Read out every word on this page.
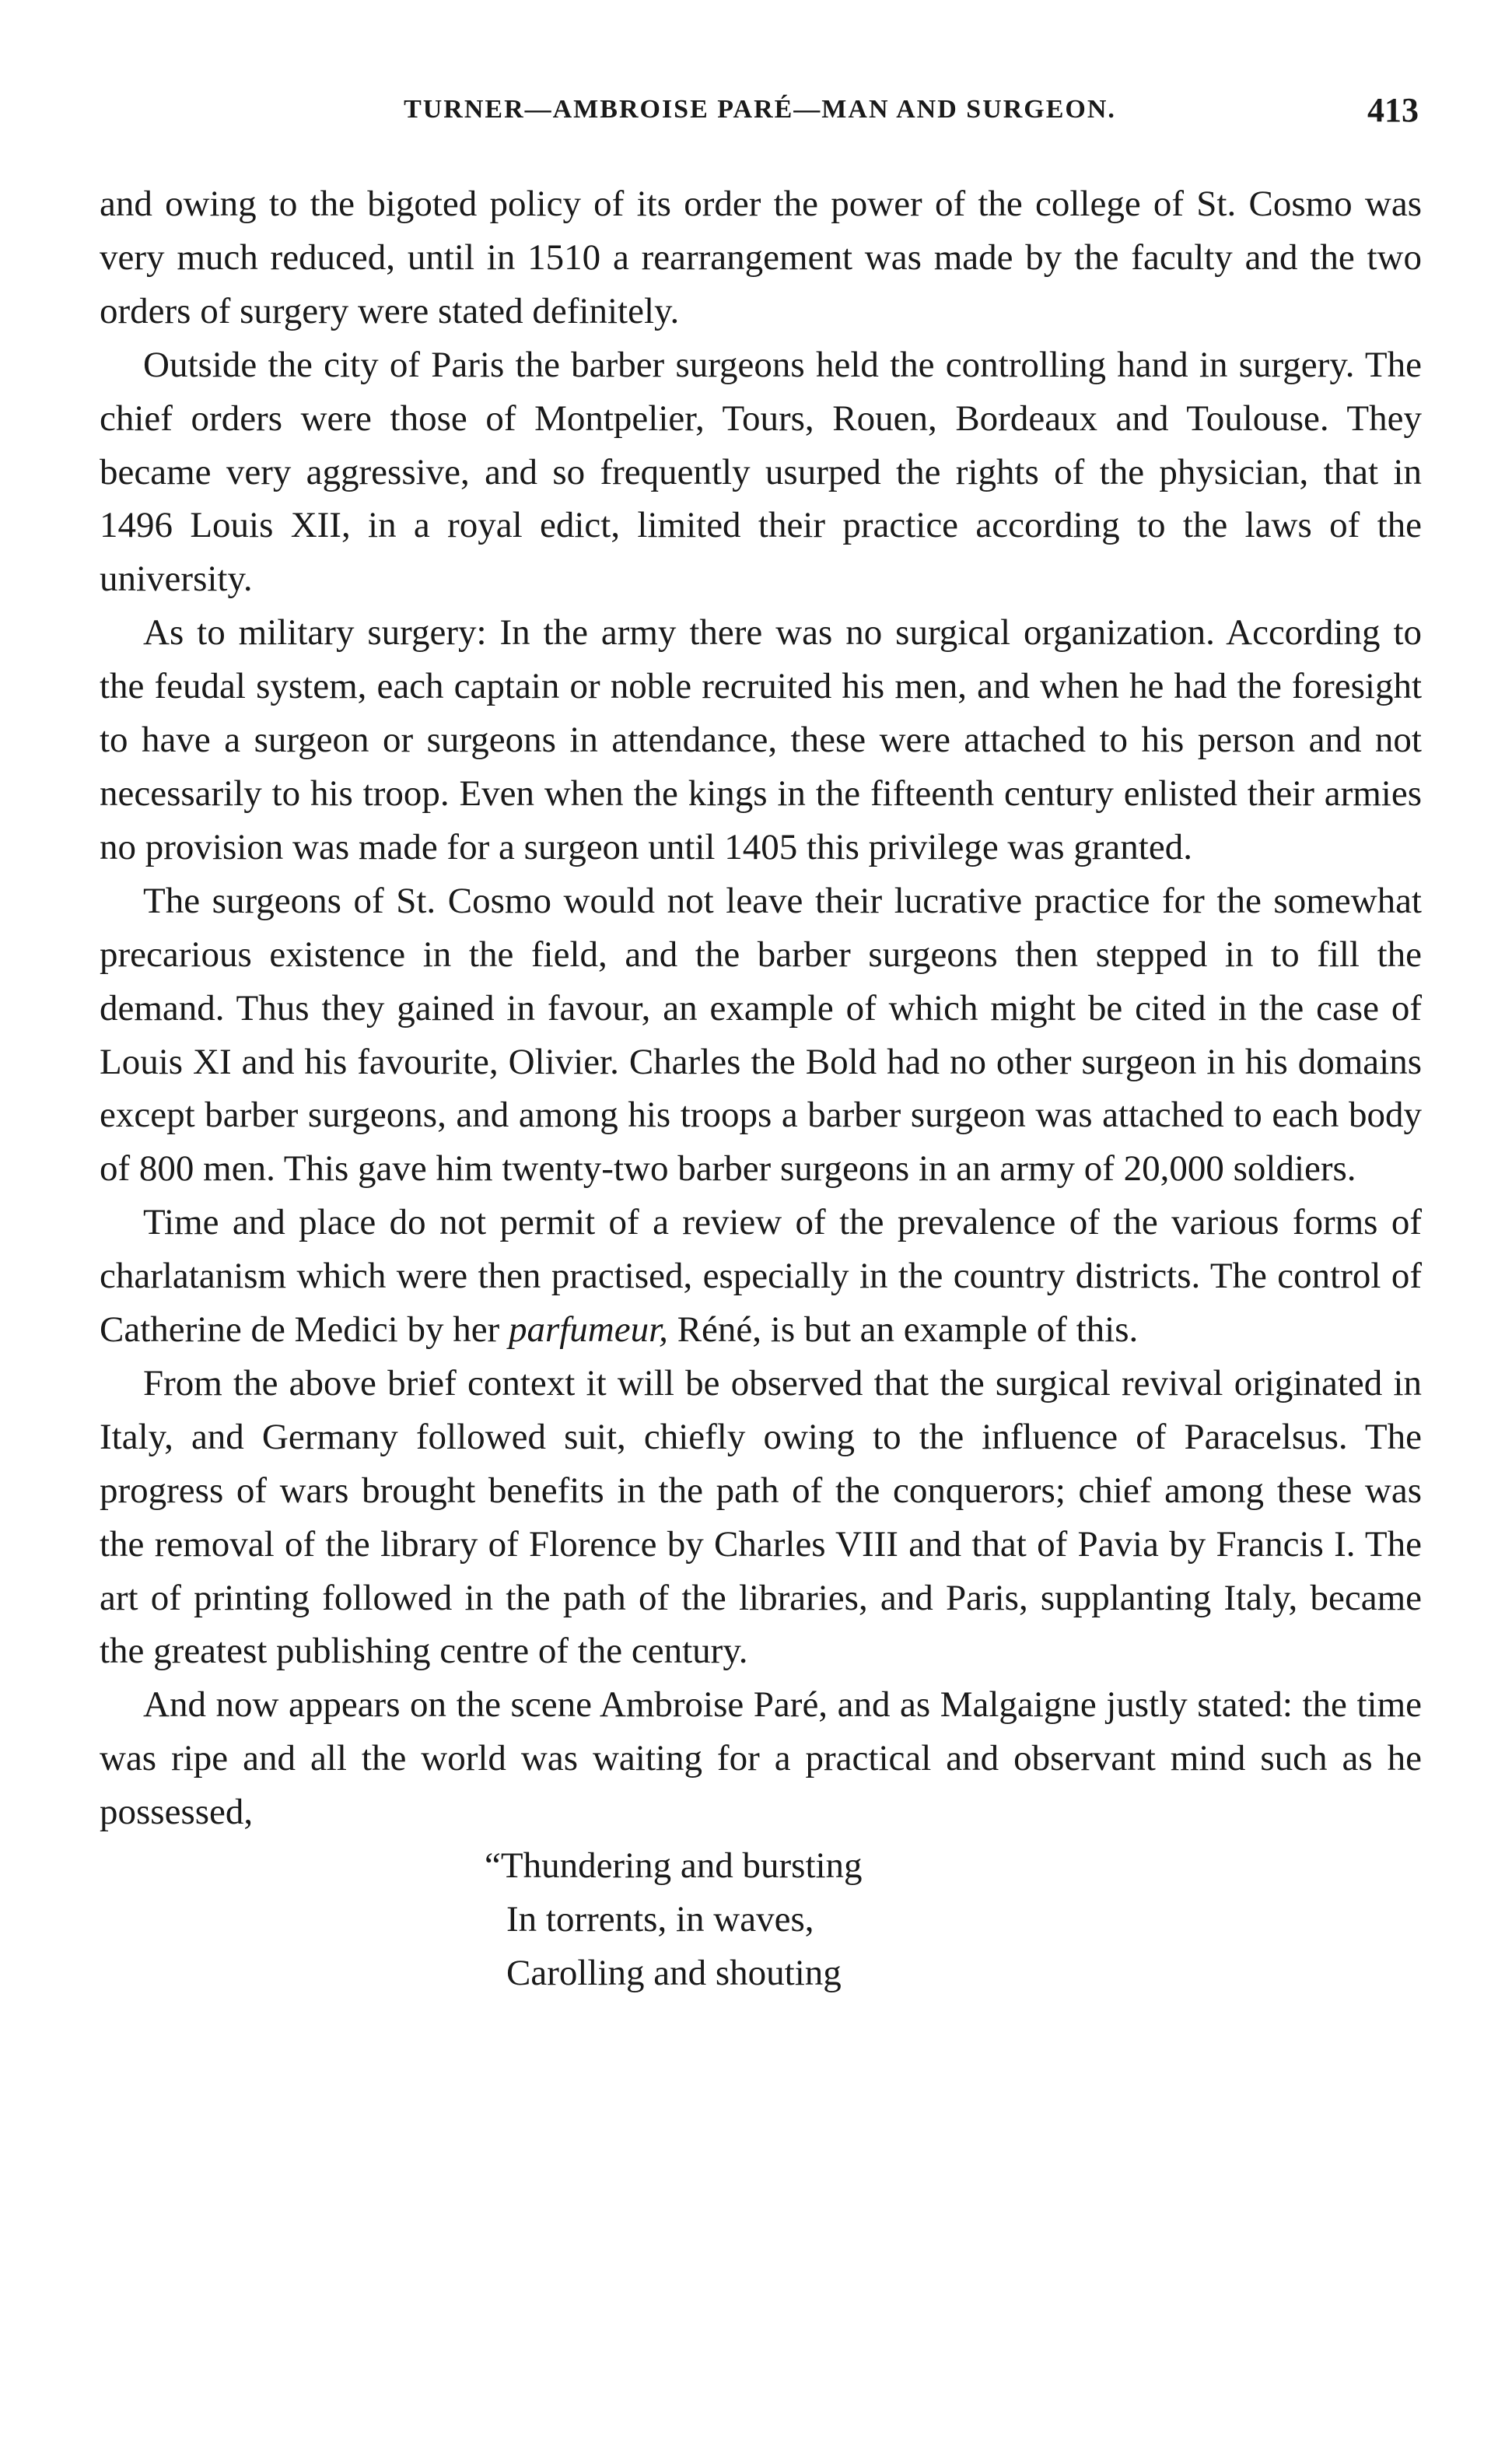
TURNER—AMBROISE PARÉ—MAN AND SURGEON.	413

and owing to the bigoted policy of its order the power of the college of St. Cosmo was very much reduced, until in 1510 a rearrangement was made by the faculty and the two orders of surgery were stated definitely.

Outside the city of Paris the barber surgeons held the controlling hand in surgery. The chief orders were those of Montpelier, Tours, Rouen, Bordeaux and Toulouse. They became very aggressive, and so frequently usurped the rights of the physician, that in 1496 Louis XII, in a royal edict, limited their practice according to the laws of the university.

As to military surgery: In the army there was no surgical organization. According to the feudal system, each captain or noble recruited his men, and when he had the foresight to have a surgeon or surgeons in attendance, these were attached to his person and not necessarily to his troop. Even when the kings in the fifteenth century enlisted their armies no provision was made for a surgeon until 1405 this privilege was granted.

The surgeons of St. Cosmo would not leave their lucrative practice for the somewhat precarious existence in the field, and the barber surgeons then stepped in to fill the demand. Thus they gained in favour, an example of which might be cited in the case of Louis XI and his favourite, Olivier. Charles the Bold had no other surgeon in his domains except barber surgeons, and among his troops a barber surgeon was attached to each body of 800 men. This gave him twenty-two barber surgeons in an army of 20,000 soldiers.

Time and place do not permit of a review of the prevalence of the various forms of charlatanism which were then practised, especially in the country districts. The control of Catherine de Medici by her parfumeur, Réné, is but an example of this.

From the above brief context it will be observed that the surgical revival originated in Italy, and Germany followed suit, chiefly owing to the influence of Paracelsus. The progress of wars brought benefits in the path of the conquerors; chief among these was the removal of the library of Florence by Charles VIII and that of Pavia by Francis I. The art of printing followed in the path of the libraries, and Paris, supplanting Italy, became the greatest publishing centre of the century.

And now appears on the scene Ambroise Paré, and as Malgaigne justly stated: the time was ripe and all the world was waiting for a practical and observant mind such as he possessed,

“Thundering and bursting
In torrents, in waves,
Carolling and shouting
